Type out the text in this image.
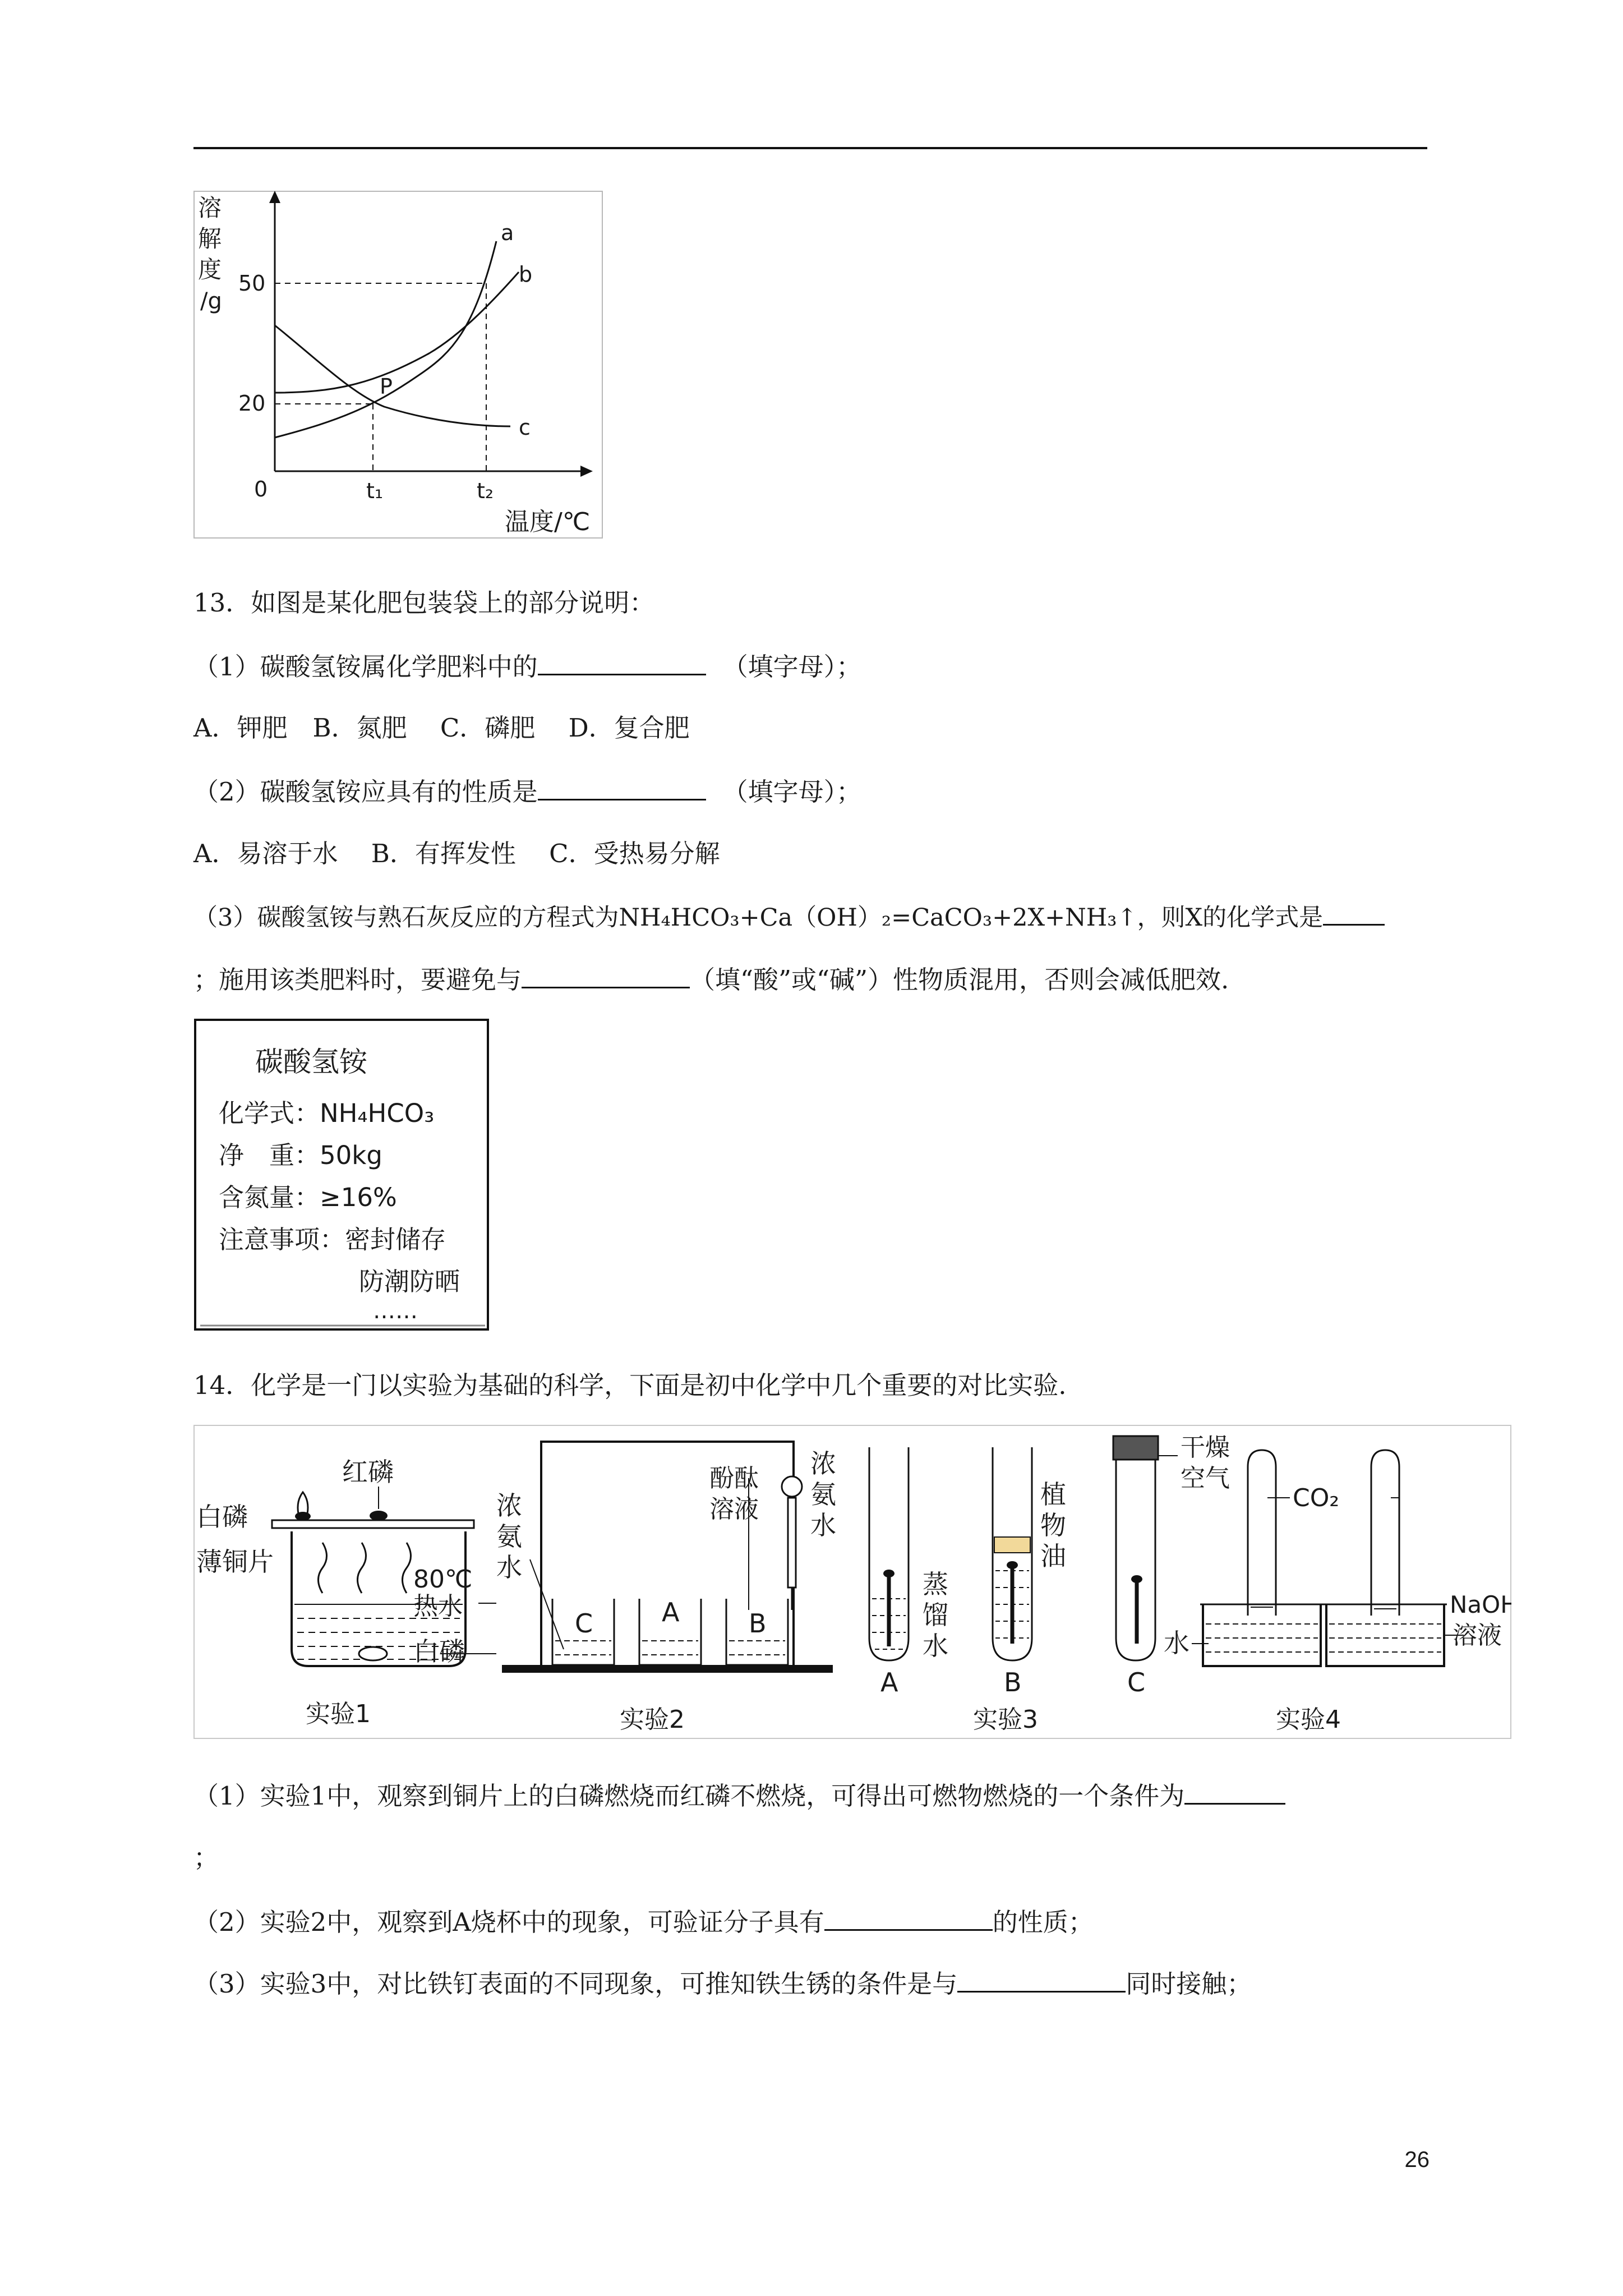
溶
解
度
/g
温度/℃
50
20
0	t₁	t₂
a
b
c
P
13．如图是某化肥包装袋上的部分说明：
（1）碳酸氢铵属化学肥料中的	（填字母）；
A．钾肥　B．氮肥　 C．磷肥　 D．复合肥
（2）碳酸氢铵应具有的性质是	（填字母）；
A．易溶于水　 B．有挥发性　 C．受热易分解
（3）碳酸氢铵与熟石灰反应的方程式为NH₄HCO₃+Ca（OH）₂=CaCO₃+2X+NH₃↑，则X的化学式是
；施用该类肥料时，要避免与	（填“酸”或“碱”）性物质混用，否则会减低肥效.
碳酸氢铵
化学式：NH₄HCO₃
净　重：50kg
含氮量：≥16%
注意事项：密封储存
防潮防晒
……
14．化学是一门以实验为基础的科学，下面是初中化学中几个重要的对比实验.
红磷
白磷
薄铜片
80℃
热水
白磷
实验1
C	A	B
浓
氨
水
酚酞
溶液
浓
氨
水
实验2
A	B	C
蒸
馏
水
植
物
油
干燥
空气
实验3
CO₂
水
NaOH
溶液
实验4
（1）实验1中，观察到铜片上的白磷燃烧而红磷不燃烧，可得出可燃物燃烧的一个条件为
；
（2）实验2中，观察到A烧杯中的现象，可验证分子具有	的性质；
（3）实验3中，对比铁钉表面的不同现象，可推知铁生锈的条件是与	同时接触；
26
